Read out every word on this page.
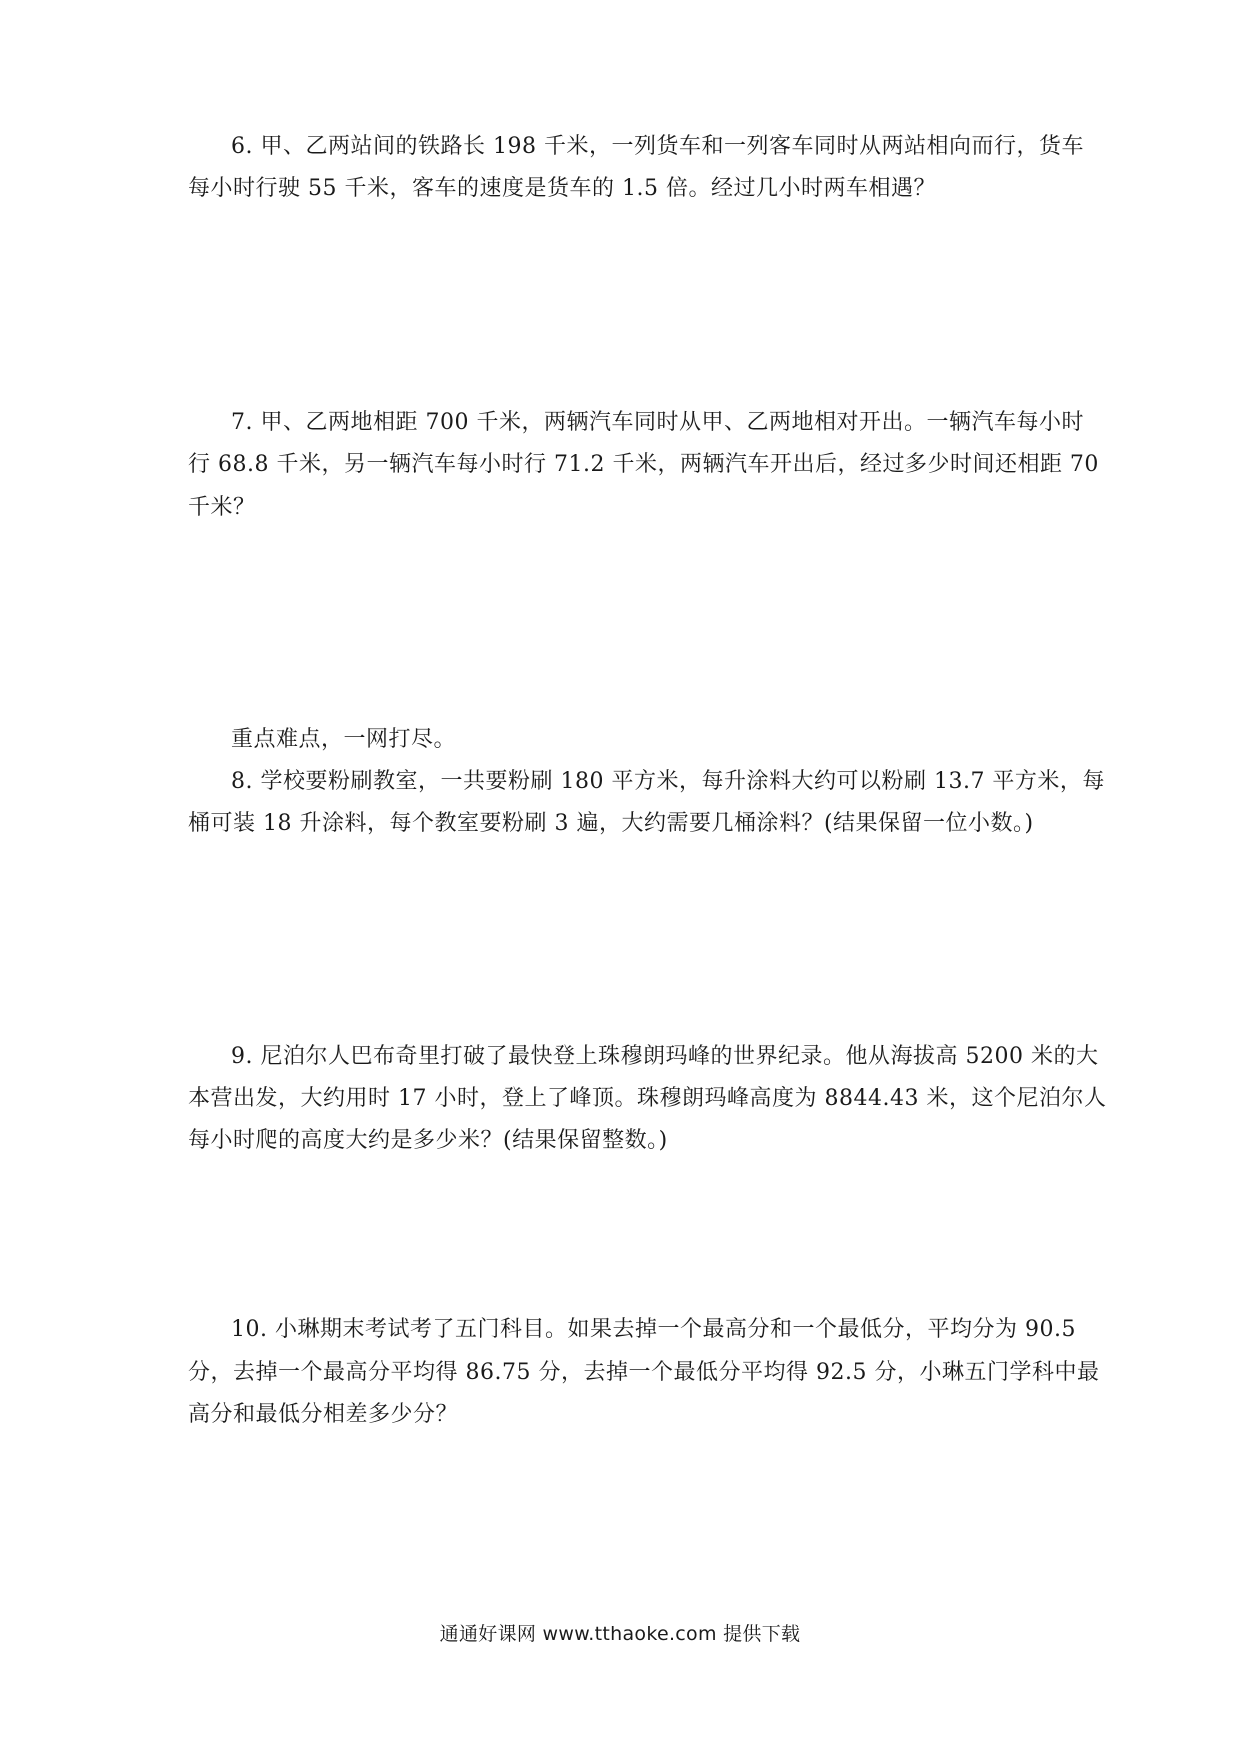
6. 甲、乙两站间的铁路长 198 千米，一列货车和一列客车同时从两站相向而行，货车
每小时行驶 55 千米，客车的速度是货车的 1.5 倍。经过几小时两车相遇？
7. 甲、乙两地相距 700 千米，两辆汽车同时从甲、乙两地相对开出。一辆汽车每小时
行 68.8 千米，另一辆汽车每小时行 71.2 千米，两辆汽车开出后，经过多少时间还相距 70
千米？
重点难点，一网打尽。
8. 学校要粉刷教室，一共要粉刷 180 平方米，每升涂料大约可以粉刷 13.7 平方米，每
桶可装 18 升涂料，每个教室要粉刷 3 遍，大约需要几桶涂料？(结果保留一位小数。)
9. 尼泊尔人巴布奇里打破了最快登上珠穆朗玛峰的世界纪录。他从海拔高 5200 米的大
本营出发，大约用时 17 小时，登上了峰顶。珠穆朗玛峰高度为 8844.43 米，这个尼泊尔人
每小时爬的高度大约是多少米？(结果保留整数。)
10. 小琳期末考试考了五门科目。如果去掉一个最高分和一个最低分，平均分为 90.5
分，去掉一个最高分平均得 86.75 分，去掉一个最低分平均得 92.5 分，小琳五门学科中最
高分和最低分相差多少分？
通通好课网 www.tthaoke.com 提供下载
